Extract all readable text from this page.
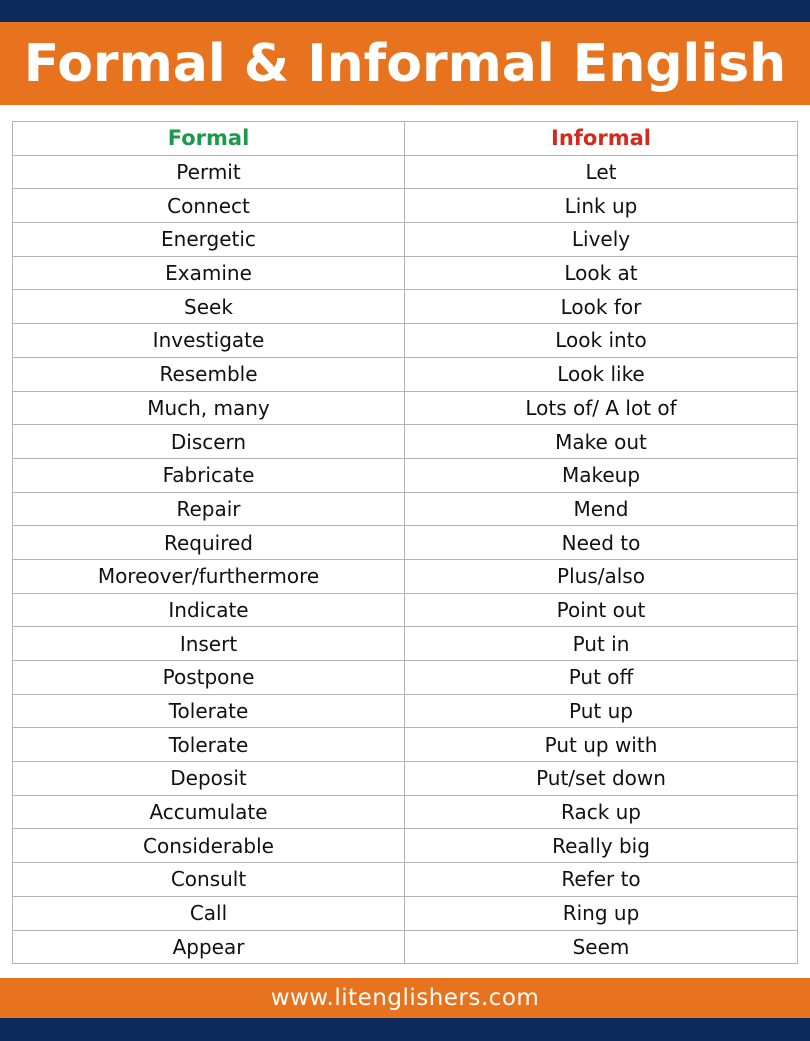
Formal & Informal English
Formal	Informal
Permit	Let
Connect	Link up
Energetic	Lively
Examine	Look at
Seek	Look for
Investigate	Look into
Resemble	Look like
Much, many	Lots of/ A lot of
Discern	Make out
Fabricate	Makeup
Repair	Mend
Required	Need to
Moreover/furthermore	Plus/also
Indicate	Point out
Insert	Put in
Postpone	Put off
Tolerate	Put up
Tolerate	Put up with
Deposit	Put/set down
Accumulate	Rack up
Considerable	Really big
Consult	Refer to
Call	Ring up
Appear	Seem
www.litenglishers.com
